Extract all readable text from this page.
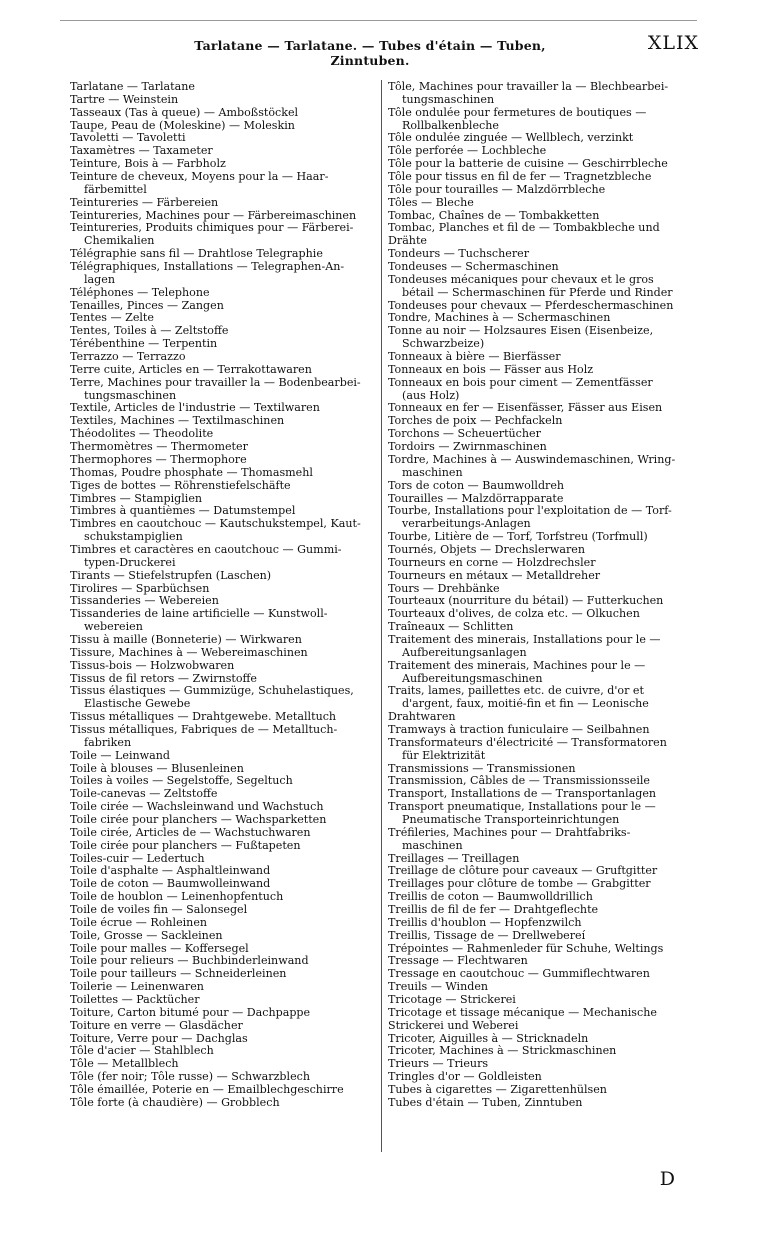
Tarlatane — Tarlatane. — Tubes d'étain — Tuben, Zinntuben.
XLIX
Tarlatane — Tarlatane
Tartre — Weinstein
Tasseaux (Tas à queue) — Amboßstöckel
Taupe, Peau de (Moleskine) — Moleskin
Tavoletti — Tavoletti
Taxamètres — Taxameter
Teinture, Bois à — Farbholz
Teinture de cheveux, Moyens pour la — Haar-
färbemittel
Teintureries — Färbereien
Teintureries, Machines pour — Färbereimaschinen
Teintureries, Produits chimiques pour — Färberei-
Chemikalien
Télégraphie sans fil — Drahtlose Telegraphie
Télégraphiques, Installations — Telegraphen-An-
lagen
Téléphones — Telephone
Tenailles, Pinces — Zangen
Tentes — Zelte
Tentes, Toiles à — Zeltstoffe
Térébenthine — Terpentin
Terrazzo — Terrazzo
Terre cuite, Articles en — Terrakottawaren
Terre, Machines pour travailler la — Bodenbearbei-
tungsmaschinen
Textile, Articles de l'industrie — Textilwaren
Textiles, Machines — Textilmaschinen
Théodolites — Theodolite
Thermomètres — Thermometer
Thermophores — Thermophore
Thomas, Poudre phosphate — Thomasmehl
Tiges de bottes — Röhrenstiefelschäfte
Timbres — Stampiglien
Timbres à quantièmes — Datumstempel
Timbres en caoutchouc — Kautschukstempel, Kaut-
schukstampiglien
Timbres et caractères en caoutchouc — Gummi-
typen-Druckerei
Tirants — Stiefelstrupfen (Laschen)
Tirolires — Sparbüchsen
Tissanderies — Webereien
Tissanderies de laine artificielle — Kunstwoll-
webereien
Tissu à maille (Bonneterie) — Wirkwaren
Tissure, Machines à — Webereimaschinen
Tissus-bois — Holzwobwaren
Tissus de fil retors — Zwirnstoffe
Tissus élastiques — Gummizüge, Schuhelastiques,
Elastische Gewebe
Tissus métalliques — Drahtgewebe. Metalltuch
Tissus métalliques, Fabriques de — Metalltuch-
fabriken
Toile — Leinwand
Toile à blouses — Blusenleinen
Toiles à voiles — Segelstoffe, Segeltuch
Toile-canevas — Zeltstoffe
Toile cirée — Wachsleinwand und Wachstuch
Toile cirée pour planchers — Wachsparketten
Toile cirée, Articles de — Wachstuchwaren
Toile cirée pour planchers — Fußtapeten
Toiles-cuir — Ledertuch
Toile d'asphalte — Asphaltleinwand
Toile de coton — Baumwolleinwand
Toile de houblon — Leinenhopfentuch
Toile de voiles fin — Salonsegel
Toile écrue — Rohleinen
Toile, Grosse — Sackleinen
Toile pour malles — Koffersegel
Toile pour relieurs — Buchbinderleinwand
Toile pour tailleurs — Schneiderleinen
Toilerie — Leinenwaren
Toilettes — Packtücher
Toiture, Carton bitumé pour — Dachpappe
Toiture en verre — Glasdächer
Toiture, Verre pour — Dachglas
Tôle d'acier — Stahlblech
Tôle — Metallblech
Tôle (fer noir; Tôle russe) — Schwarzblech
Tôle émaillée, Poterie en — Emailblechgeschirre
Tôle forte (à chaudière) — Grobblech
Tôle, Machines pour travailler la — Blechbearbei-
tungsmaschinen
Tôle ondulée pour fermetures de boutiques —
Rollbalkenbleche
Tôle ondulée zinguée — Wellblech, verzinkt
Tôle perforée — Lochbleche
Tôle pour la batterie de cuisine — Geschirrbleche
Tôle pour tissus en fil de fer — Tragnetzbleche
Tôle pour tourailles — Malzdörrbleche
Tôles — Bleche
Tombac, Chaînes de — Tombakketten
Tombac, Planches et fil de — Tombakbleche und
Drähte
Tondeurs — Tuchscherer
Tondeuses — Schermaschinen
Tondeuses mécaniques pour chevaux et le gros
bétail — Schermaschinen für Pferde und Rinder
Tondeuses pour chevaux — Pferdeschermaschinen
Tondre, Machines à — Schermaschinen
Tonne au noir — Holzsaures Eisen (Eisenbeize,
Schwarzbeize)
Tonneaux à bière — Bierfässer
Tonneaux en bois — Fässer aus Holz
Tonneaux en bois pour ciment — Zementfässer
(aus Holz)
Tonneaux en fer — Eisenfässer, Fässer aus Eisen
Torches de poix — Pechfackeln
Torchons — Scheuertücher
Tordoirs — Zwirnmaschinen
Tordre, Machines à — Auswindemaschinen, Wring-
maschinen
Tors de coton — Baumwolldreh
Tourailles — Malzdörrapparate
Tourbe, Installations pour l'exploitation de — Torf-
verarbeitungs-Anlagen
Tourbe, Litière de — Torf, Torfstreu (Torfmull)
Tournés, Objets — Drechslerwaren
Tourneurs en corne — Holzdrechsler
Tourneurs en métaux — Metalldreher
Tours — Drehbänke
Tourteaux (nourriture du bétail) — Futterkuchen
Tourteaux d'olives, de colza etc. — Ölkuchen
Traîneaux — Schlitten
Traitement des minerais, Installations pour le —
Aufbereitungsanlagen
Traitement des minerais, Machines pour le —
Aufbereitungsmaschinen
Traits, lames, paillettes etc. de cuivre, d'or et
d'argent, faux, moitié-fin et fin — Leonische
Drahtwaren
Tramways à traction funiculaire — Seilbahnen
Transformateurs d'électricité — Transformatoren
für Elektrizität
Transmissions — Transmissionen
Transmission, Câbles de — Transmissionsseile
Transport, Installations de — Transportanlagen
Transport pneumatique, Installations pour le —
Pneumatische Transporteinrichtungen
Tréfileries, Machines pour — Drahtfabriks-
maschinen
Treillages — Treillagen
Treillage de clôture pour caveaux — Gruftgitter
Treillages pour clôture de tombe — Grabgitter
Treillis de coton — Baumwolldrillich
Treillis de fil de fer — Drahtgeflechte
Treillis d'houblon — Hopfenzwilch
Treillis, Tissage de — Drellwebereí
Trépointes — Rahmenleder für Schuhe, Weltings
Tressage — Flechtwaren
Tressage en caoutchouc — Gummiflechtwaren
Treuils — Winden
Tricotage — Strickerei
Tricotage et tissage mécanique — Mechanische
Strickerei und Weberei
Tricoter, Aiguilles à — Stricknadeln
Tricoter, Machines à — Strickmaschinen
Trieurs — Trieurs
Tringles d'or — Goldleisten
Tubes à cigarettes — Zigarettenhülsen
Tubes d'étain — Tuben, Zinntuben
D
